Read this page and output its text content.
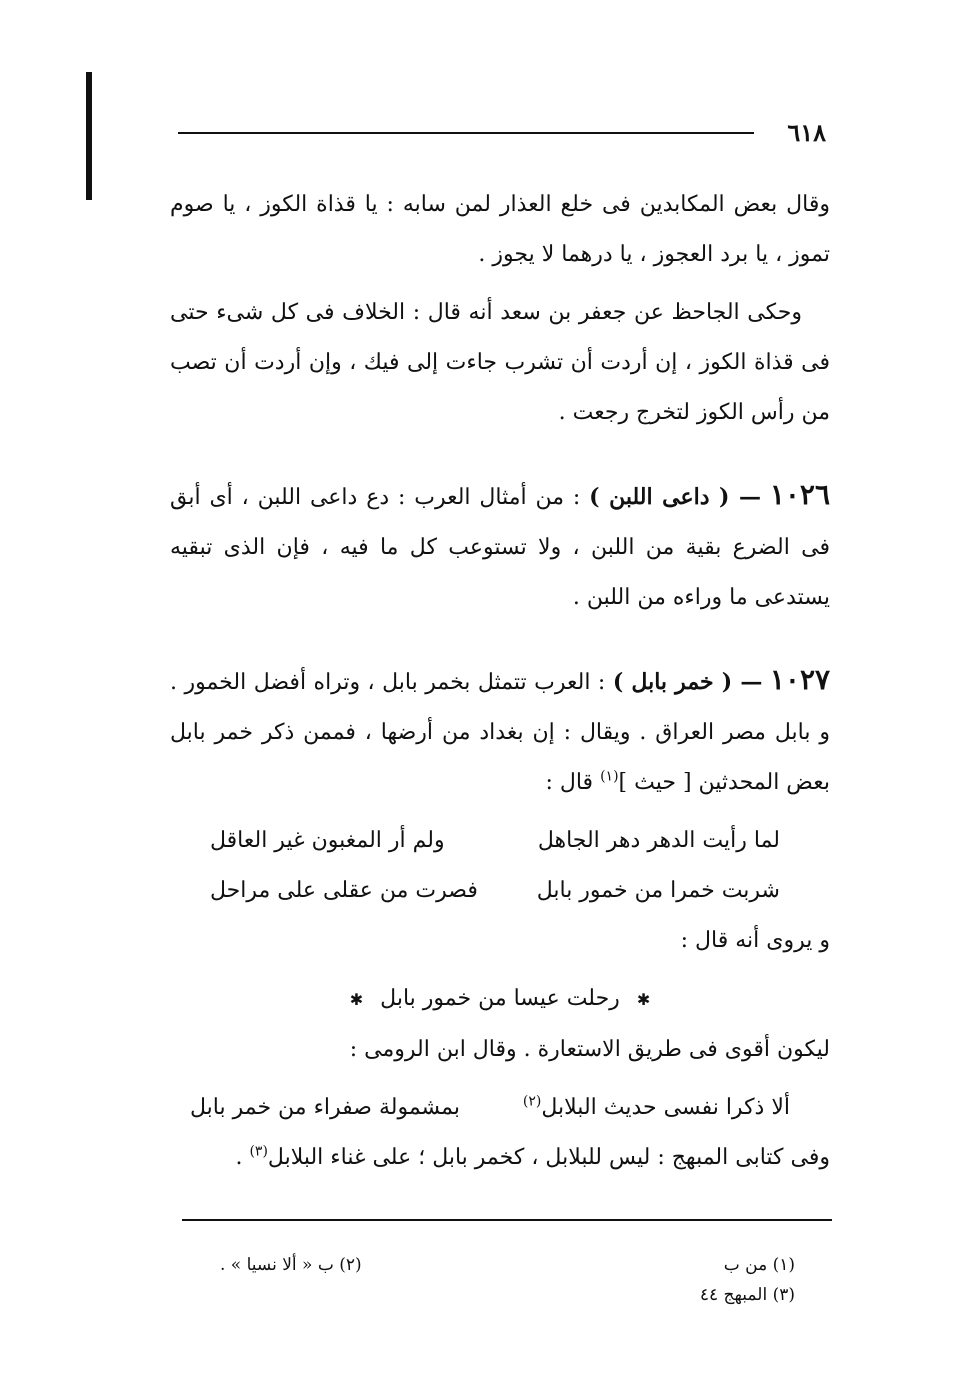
٦١٨

وقال بعض المكابدين فى خلع العذار لمن سابه : يا قذاة الكوز ، يا صوم تموز ، يا برد العجوز ، يا درهما لا يجوز .

وحكى الجاحظ عن جعفر بن سعد أنه قال : الخلاف فى كل شىء حتى فى قذاة الكوز ، إن أردت أن تشرب جاءت إلى فيك ، وإن أردت أن تصب من رأس الكوز لتخرج رجعت .

١٠٢٦ — ( داعى اللبن ) : من أمثال العرب : دع داعى اللبن ، أى أبق فى الضرع بقية من اللبن ، ولا تستوعب كل ما فيه ، فإن الذى تبقيه يستدعى ما وراءه من اللبن .

١٠٢٧ — ( خمر بابل ) : العرب تتمثل بخمر بابل ، وتراه أفضل الخمور . و بابل مصر العراق . ويقال : إن بغداد من أرضها ، فممن ذكر خمر بابل بعض المحدثين [ حيث ]$^{(١)}$ قال :

لما رأيت الدهر دهر الجاهل
ولم أر المغبون غير العاقل
شربت خمرا من خمور بابل
فصرت من عقلى على مراحل

و يروى أنه قال :

✱ رحلت عيسا من خمور بابل ✱

ليكون أقوى فى طريق الاستعارة . وقال ابن الرومى :

ألا ذكرا نفسى حديث البلابل$^{(٢)}$
بمشمولة صفراء من خمر بابل

وفى كتابى المبهج : ليس للبلابل ، كخمر بابل ؛ على غناء البلابل$^{(٣)}$ .

(١) من ب
(٢) ب « ألا نسيا » .
(٣) المبهج ٤٤
